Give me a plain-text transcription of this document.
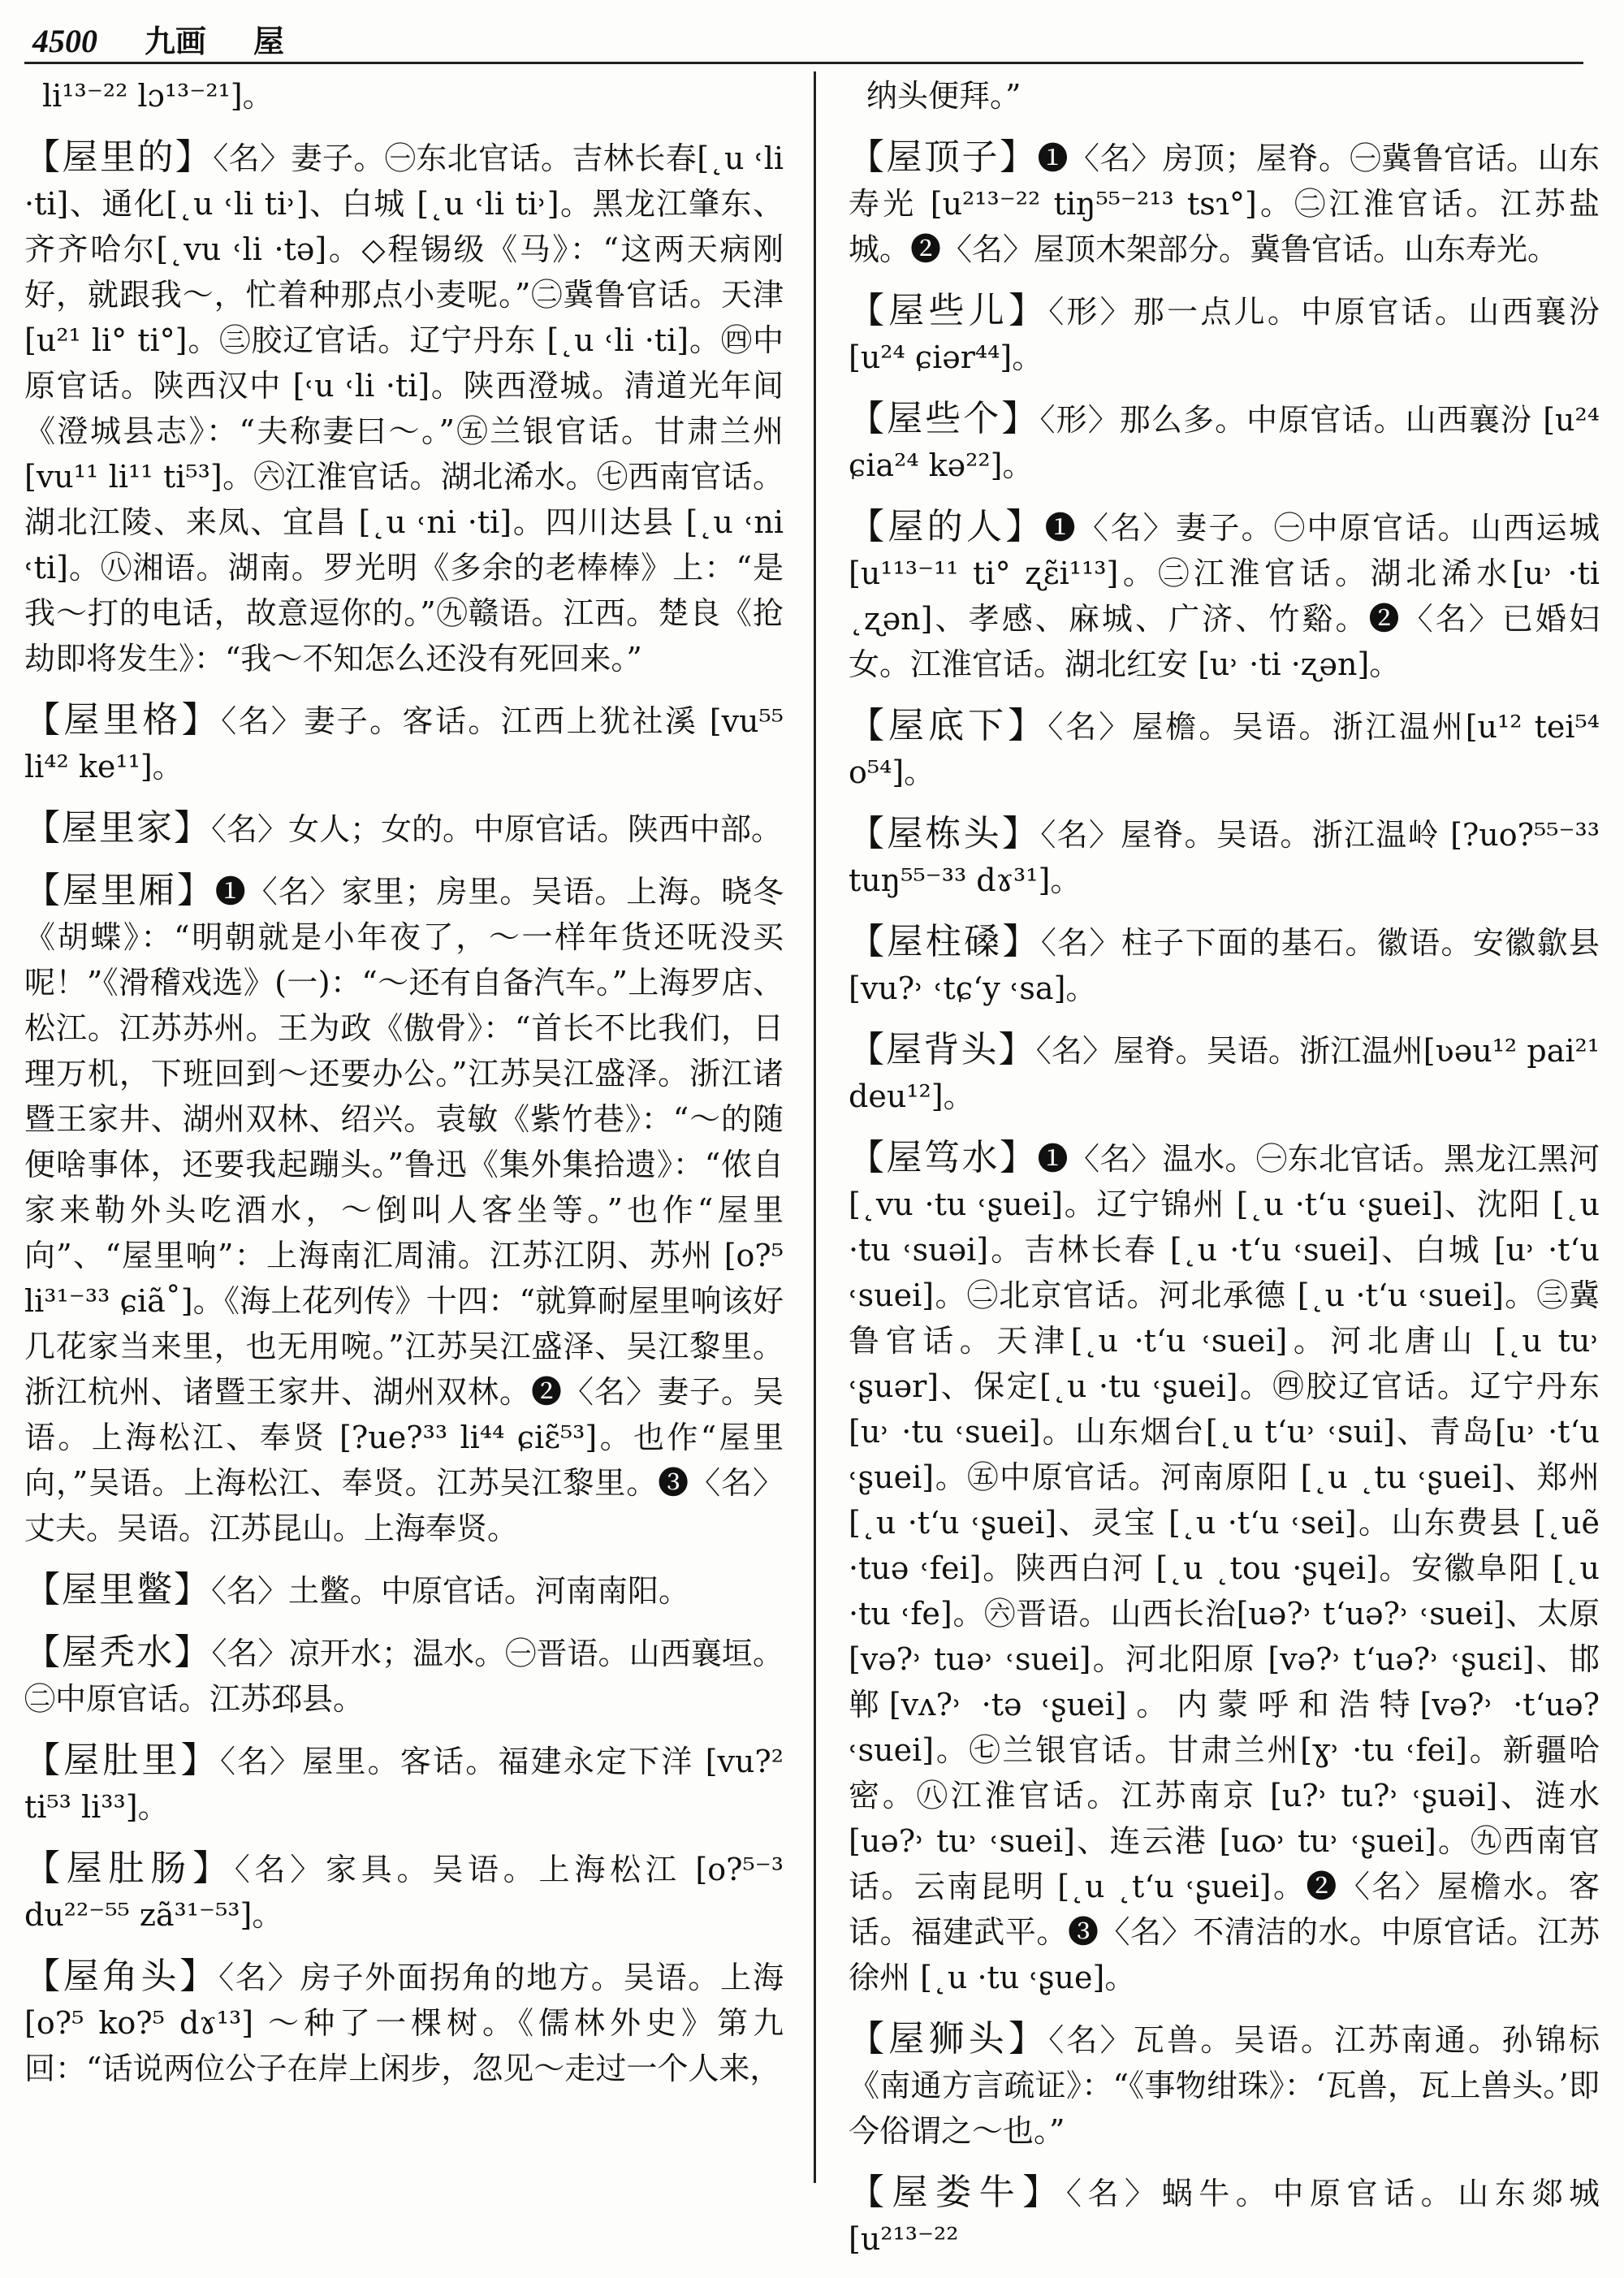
4500 九画 屋
li¹³⁻²² lɔ¹³⁻²¹]。

【屋里的】〈名〉妻子。㊀东北官话。吉林长春[˛u ˓li ·ti]、通化[˛u ˓li ti˒]、白城 [˛u ˓li ti˒]。黑龙江肇东、齐齐哈尔[˛vu ˓li ·tə]。◇程锡级《马》：“这两天病刚好，就跟我～，忙着种那点小麦呢。”㊁冀鲁官话。天津 [u²¹ li° ti°]。㊂胶辽官话。辽宁丹东 [˛u ˓li ·ti]。㊃中原官话。陕西汉中 [˓u ˓li ·ti]。陕西澄城。清道光年间《澄城县志》：“夫称妻曰～。”㊄兰银官话。甘肃兰州 [vu¹¹ li¹¹ ti⁵³]。㊅江淮官话。湖北浠水。㊆西南官话。湖北江陵、来凤、宜昌 [˛u ˓ni ·ti]。四川达县 [˛u ˓ni ˓ti]。㊇湘语。湖南。罗光明《多余的老棒棒》上：“是我～打的电话，故意逗你的。”㊈赣语。江西。楚良《抢劫即将发生》：“我～不知怎么还没有死回来。”

【屋里格】〈名〉妻子。客话。江西上犹社溪 [vu⁵⁵ li⁴² ke¹¹]。

【屋里家】〈名〉女人；女的。中原官话。陕西中部。

【屋里厢】❶〈名〉家里；房里。吴语。上海。晓冬《胡蝶》：“明朝就是小年夜了，～一样年货还呒没买呢！”《滑稽戏选》(一)：“～还有自备汽车。”上海罗店、松江。江苏苏州。王为政《傲骨》：“首长不比我们，日理万机，下班回到～还要办公。”江苏吴江盛泽。浙江诸暨王家井、湖州双林、绍兴。袁敏《紫竹巷》：“～的随便啥事体，还要我起蹦头。”鲁迅《集外集拾遗》：“侬自家来勒外头吃酒水，～倒叫人客坐等。”也作“屋里向”、“屋里响”：上海南汇周浦。江苏江阴、苏州 [o?⁵ li³¹⁻³³ ɕiã˚]。《海上花列传》十四：“就算耐屋里响该好几花家当来里，也无用啘。”江苏吴江盛泽、吴江黎里。浙江杭州、诸暨王家井、湖州双林。❷〈名〉妻子。吴语。上海松江、奉贤 [?ue?³³ li⁴⁴ ɕiɛ̃⁵³]。也作“屋里向，”吴语。上海松江、奉贤。江苏吴江黎里。❸〈名〉丈夫。吴语。江苏昆山。上海奉贤。

【屋里鳖】〈名〉土鳖。中原官话。河南南阳。

【屋秃水】〈名〉凉开水；温水。㊀晋语。山西襄垣。㊁中原官话。江苏邳县。

【屋肚里】〈名〉屋里。客话。福建永定下洋 [vu?² ti⁵³ li³³]。

【屋肚肠】〈名〉家具。吴语。上海松江 [o?⁵⁻³ du²²⁻⁵⁵ zã³¹⁻⁵³]。

【屋角头】〈名〉房子外面拐角的地方。吴语。上海 [o?⁵ ko?⁵ dɤ¹³] ～种了一棵树。《儒林外史》第九回：“话说两位公子在岸上闲步，忽见～走过一个人来，

纳头便拜。”

【屋顶子】❶〈名〉房顶；屋脊。㊀冀鲁官话。山东寿光 [u²¹³⁻²² tiŋ⁵⁵⁻²¹³ tsɿ°]。㊁江淮官话。江苏盐城。❷〈名〉屋顶木架部分。冀鲁官话。山东寿光。

【屋些儿】〈形〉那一点儿。中原官话。山西襄汾[u²⁴ ɕiər⁴⁴]。

【屋些个】〈形〉那么多。中原官话。山西襄汾 [u²⁴ ɕia²⁴ kə²²]。

【屋的人】❶〈名〉妻子。㊀中原官话。山西运城 [u¹¹³⁻¹¹ ti° ʐɛ̃i¹¹³]。㊁江淮官话。湖北浠水[u˒ ·ti ˛ʐən]、孝感、麻城、广济、竹谿。❷〈名〉已婚妇女。江淮官话。湖北红安 [u˒ ·ti ·ʐən]。

【屋底下】〈名〉屋檐。吴语。浙江温州[u¹² tei⁵⁴ o⁵⁴]。

【屋栋头】〈名〉屋脊。吴语。浙江温岭 [?uo?⁵⁵⁻³³ tuŋ⁵⁵⁻³³ dɤ³¹]。

【屋柱磉】〈名〉柱子下面的基石。徽语。安徽歙县 [vu?˒ ˓tɕ‘y ˓sa]。

【屋背头】〈名〉屋脊。吴语。浙江温州[ʋəu¹² pai²¹ deu¹²]。

【屋笃水】❶〈名〉温水。㊀东北官话。黑龙江黑河 [˛vu ·tu ˓ʂuei]。辽宁锦州 [˛u ·t‘u ˓ʂuei]、沈阳 [˛u ·tu ˓suəi]。吉林长春 [˛u ·t‘u ˓suei]、白城 [u˒ ·t‘u ˓suei]。㊁北京官话。河北承德 [˛u ·t‘u ˓suei]。㊂冀鲁官话。天津[˛u ·t‘u ˓suei]。河北唐山 [˛u tu˒ ˓ʂuər]、保定[˛u ·tu ˓ʂuei]。㊃胶辽官话。辽宁丹东[u˒ ·tu ˓suei]。山东烟台[˛u t‘u˒ ˓sui]、青岛[u˒ ·t‘u ˓ʂuei]。㊄中原官话。河南原阳 [˛u ˛tu ˓ʂuei]、郑州[˛u ·t‘u ˓ʂuei]、灵宝 [˛u ·t‘u ˓sei]。山东费县 [˛uẽ ·tuə ˓fei]。陕西白河 [˛u ˛tou ·ʂɥei]。安徽阜阳 [˛u ·tu ˓fe]。㊅晋语。山西长治[uə?˒ t‘uə?˒ ˓suei]、太原[və?˒ tuə˒ ˓suei]。河北阳原 [və?˒ t‘uə?˒ ˓ʂuɛi]、邯郸[vʌ?˒ ·tə ˓ʂuei]。内蒙呼和浩特[və?˒ ·t‘uə? ˓suei]。㊆兰银官话。甘肃兰州[ɣ˒ ·tu ˓fei]。新疆哈密。㊇江淮官话。江苏南京 [u?˒ tu?˒ ˓ʂuəi]、涟水 [uə?˒ tu˒ ˓suei]、连云港 [uɷ˒ tu˒ ˓ʂuei]。㊈西南官话。云南昆明 [˛u ˛t‘u ˓ʂuei]。❷〈名〉屋檐水。客话。福建武平。❸〈名〉不清洁的水。中原官话。江苏徐州 [˛u ·tu ˓ʂue]。

【屋狮头】〈名〉瓦兽。吴语。江苏南通。孙锦标《南通方言疏证》：“《事物绀珠》：‘瓦兽，瓦上兽头。’即今俗谓之～也。”

【屋娄牛】〈名〉蜗牛。中原官话。山东郯城 [u²¹³⁻²²
